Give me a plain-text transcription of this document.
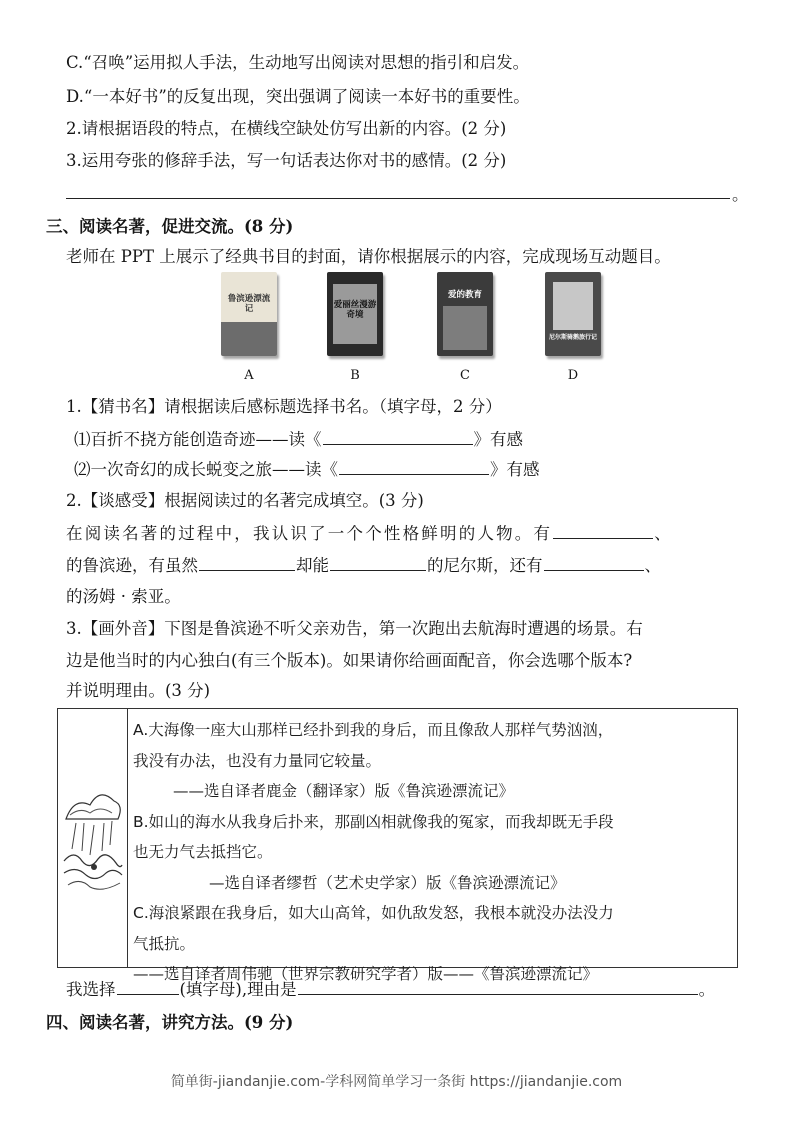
C.“召唤”运用拟人手法，生动地写出阅读对思想的指引和启发。
D.“一本好书”的反复出现，突出强调了阅读一本好书的重要性。
2.请根据语段的特点，在横线空缺处仿写出新的内容。(2 分)
3.运用夸张的修辞手法，写一句话表达你对书的感情。(2 分)
。
三、阅读名著，促进交流。(8 分)
老师在 PPT 上展示了经典书目的封面，请你根据展示的内容，完成现场互动题目。
鲁滨逊漂流记	爱丽丝漫游奇境
爱的教育
尼尔斯骑鹅旅行记
A	B	C	D
1.【猜书名】请根据读后感标题选择书名。（填字母，2 分）
⑴百折不挠方能创造奇迹——读《	》有感
⑵一次奇幻的成长蜕变之旅——读《	》有感
2.【谈感受】根据阅读过的名著完成填空。(3 分)
在阅读名著的过程中，我认识了一个个性格鲜明的人物。有	、
的鲁滨逊，有虽然	却能	的尼尔斯，还有	、
的汤姆 · 索亚。
3.【画外音】下图是鲁滨逊不听父亲劝告，第一次跑出去航海时遭遇的场景。右
边是他当时的内心独白(有三个版本)。如果请你给画面配音，你会选哪个版本?
并说明理由。(3 分)
A.大海像一座大山那样已经扑到我的身后，而且像敌人那样气势汹汹，
我没有办法，也没有力量同它较量。
——选自译者鹿金（翻译家）版《鲁滨逊漂流记》
B.如山的海水从我身后扑来，那副凶相就像我的冤家，而我却既无手段
也无力气去抵挡它。
—选自译者缪哲（艺术史学家）版《鲁滨逊漂流记》
C.海浪紧跟在我身后，如大山高耸，如仇敌发怒，我根本就没办法没力
气抵抗。
——选自译者周伟驰（世界宗教研究学者）版——《鲁滨逊漂流记》
我选择	(填字母),理由是	。
四、阅读名著，讲究方法。(9 分)
简单街-jiandanjie.com-学科网简单学习一条街 https://jiandanjie.com
